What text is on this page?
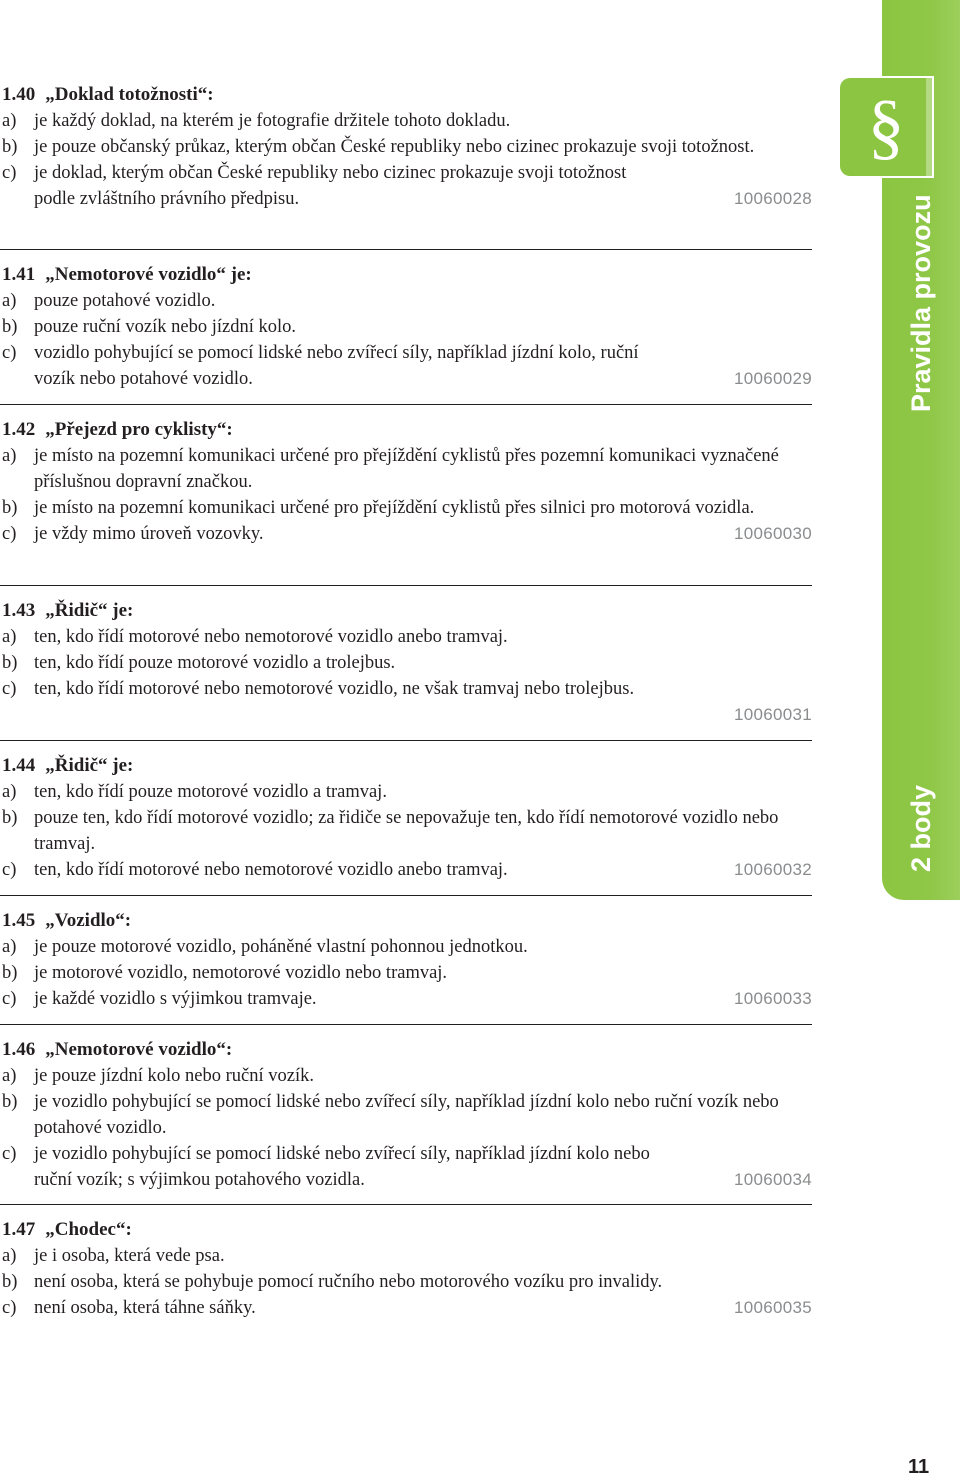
§
Pravidla provozu
2 body
1.40 „Doklad totožnosti“:
a) je každý doklad, na kterém je fotografie držitele tohoto dokladu.
b) je pouze občanský průkaz, kterým občan České republiky nebo cizinec prokazuje svoji totožnost.
c) je doklad, kterým občan České republiky nebo cizinec prokazuje svoji totožnost podle zvláštního právního předpisu.	10060028
1.41 „Nemotorové vozidlo“ je:
a) pouze potahové vozidlo.
b) pouze ruční vozík nebo jízdní kolo.
c) vozidlo pohybující se pomocí lidské nebo zvířecí síly, například jízdní kolo, ruční vozík nebo potahové vozidlo.	10060029
1.42 „Přejezd pro cyklisty“:
a) je místo na pozemní komunikaci určené pro přejíždění cyklistů přes pozemní komunikaci vyznačené příslušnou dopravní značkou.
b) je místo na pozemní komunikaci určené pro přejíždění cyklistů přes silnici pro motorová vozidla.
c) je vždy mimo úroveň vozovky.	10060030
1.43 „Řidič“ je:
a) ten, kdo řídí motorové nebo nemotorové vozidlo anebo tramvaj.
b) ten, kdo řídí pouze motorové vozidlo a trolejbus.
c) ten, kdo řídí motorové nebo nemotorové vozidlo, ne však tramvaj nebo trolejbus.
10060031
1.44 „Řidič“ je:
a) ten, kdo řídí pouze motorové vozidlo a tramvaj.
b) pouze ten, kdo řídí motorové vozidlo; za řidiče se nepovažuje ten, kdo řídí nemotorové vozidlo nebo tramvaj.
c) ten, kdo řídí motorové nebo nemotorové vozidlo anebo tramvaj.	10060032
1.45 „Vozidlo“:
a) je pouze motorové vozidlo, poháněné vlastní pohonnou jednotkou.
b) je motorové vozidlo, nemotorové vozidlo nebo tramvaj.
c) je každé vozidlo s výjimkou tramvaje.	10060033
1.46 „Nemotorové vozidlo“:
a) je pouze jízdní kolo nebo ruční vozík.
b) je vozidlo pohybující se pomocí lidské nebo zvířecí síly, například jízdní kolo nebo ruční vozík nebo potahové vozidlo.
c) je vozidlo pohybující se pomocí lidské nebo zvířecí síly, například jízdní kolo nebo ruční vozík; s výjimkou potahového vozidla.	10060034
1.47 „Chodec“:
a) je i osoba, která vede psa.
b) není osoba, která se pohybuje pomocí ručního nebo motorového vozíku pro invalidy.
c) není osoba, která táhne sáňky.	10060035
11
